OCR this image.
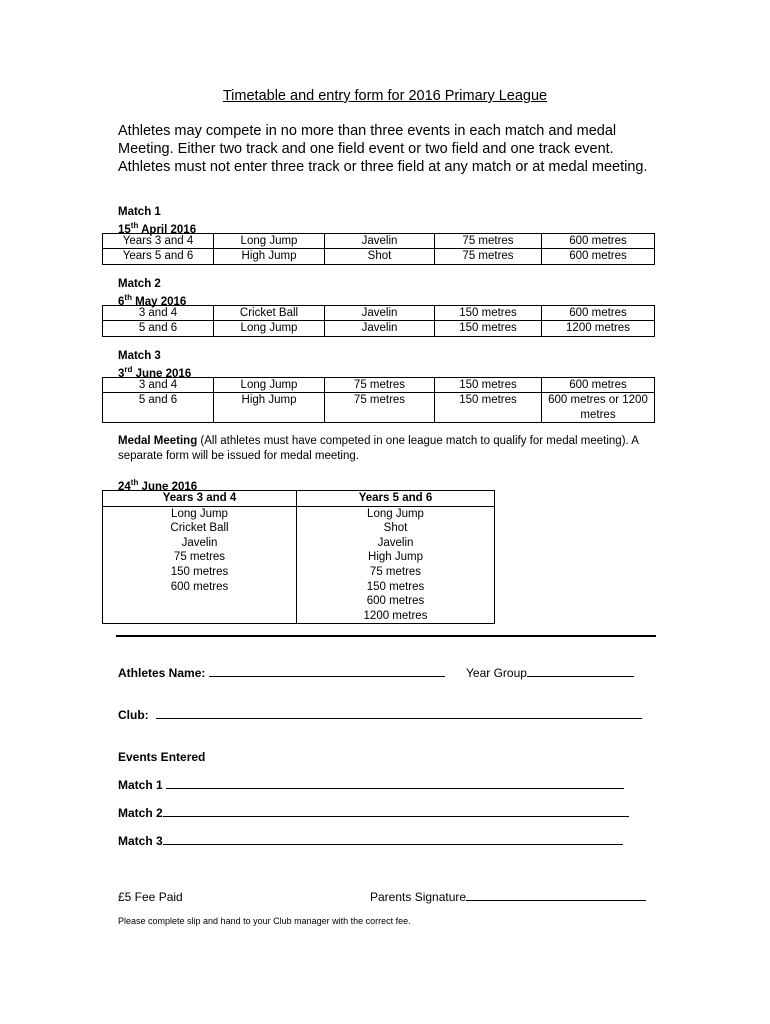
Timetable and entry form for 2016 Primary League
Athletes may compete in no more than three events in each match and medal Meeting. Either two track and one field event or two field and one track event. Athletes must not enter three track or three field at any match or at medal meeting.
Match 1
15th April 2016
Years 3 and 4	Long Jump	Javelin	75 metres	600 metres
Years 5 and 6	High Jump	Shot	75 metres	600 metres
Match 2
6th May 2016
3 and 4	Cricket Ball	Javelin	150 metres	600 metres
5 and 6	Long Jump	Javelin	150 metres	1200 metres
Match 3
3rd June 2016
3 and 4	Long Jump	75 metres	150 metres	600 metres
5 and 6	High Jump	75 metres	150 metres	600 metres or 1200 metres
Medal Meeting (All athletes must have competed in one league match to qualify for medal meeting). A separate form will be issued for medal meeting.
24th June 2016
Years 3 and 4	Years 5 and 6
Long Jump	Long Jump
Cricket Ball	Shot
Javelin	Javelin
75 metres	High Jump
150 metres	75 metres
600 metres	150 metres
	600 metres
	1200 metres
Athletes Name:	Year Group
Club:
Events Entered
Match 1
Match 2
Match 3
£5 Fee Paid	Parents Signature
Please complete slip and hand to your Club manager with the correct fee.
